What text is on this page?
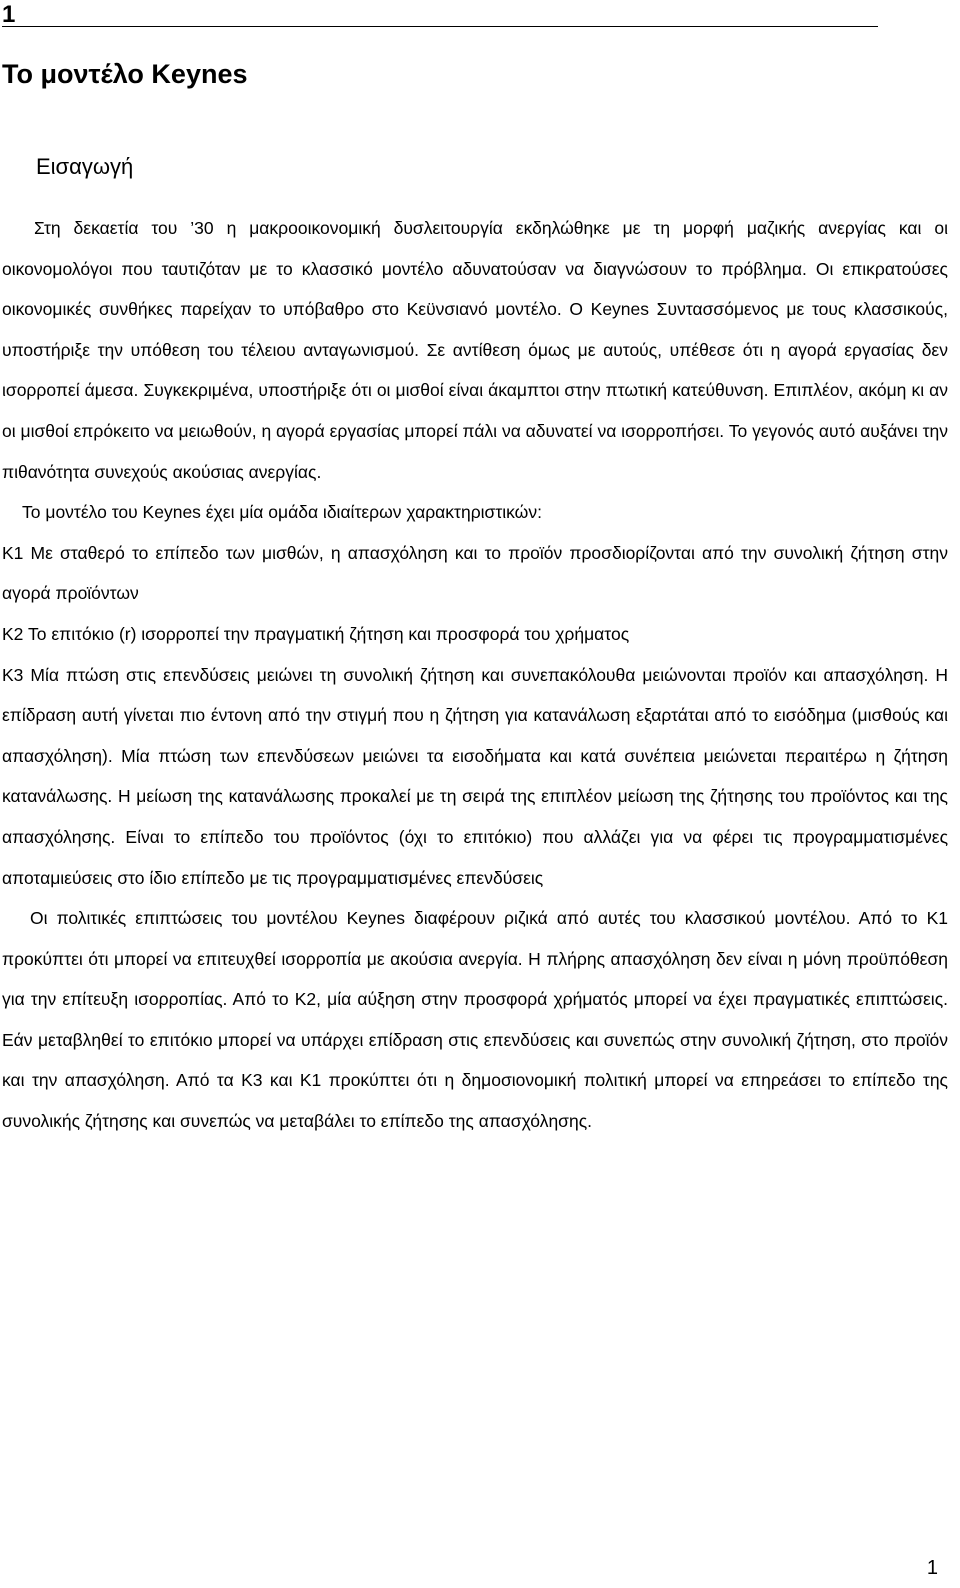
1
Το μοντέλο Keynes
Εισαγωγή

Στη δεκαετία του ’30 η μακροοικονομική δυσλειτουργία εκδηλώθηκε με τη μορφή μαζικής ανεργίας και οι οικονομολόγοι που ταυτιζόταν με το κλασσικό μοντέλο αδυνατούσαν να διαγνώσουν το πρόβλημα. Οι επικρατούσες οικονομικές συνθήκες παρείχαν το υπόβαθρο στο Κεϋνσιανό μοντέλο. Ο Keynes Συντασσόμενος με τους κλασσικούς, υποστήριξε την υπόθεση του τέλειου ανταγωνισμού. Σε αντίθεση όμως με αυτούς, υπέθεσε ότι η αγορά εργασίας δεν ισορροπεί άμεσα. Συγκεκριμένα, υποστήριξε ότι οι μισθοί είναι άκαμπτοι στην πτωτική κατεύθυνση. Επιπλέον, ακόμη κι αν οι μισθοί επρόκειτο να μειωθούν, η αγορά εργασίας μπορεί πάλι να αδυνατεί να ισορροπήσει. Το γεγονός αυτό αυξάνει την πιθανότητα συνεχούς ακούσιας ανεργίας.

Το μοντέλο του Keynes έχει μία ομάδα ιδιαίτερων χαρακτηριστικών:

Κ1 Με σταθερό το επίπεδο των μισθών, η απασχόληση και το προϊόν προσδιορίζονται από την συνολική ζήτηση στην αγορά προϊόντων

Κ2 Το επιτόκιο (r) ισορροπεί την πραγματική ζήτηση και προσφορά του χρήματος

Κ3 Μία πτώση στις επενδύσεις μειώνει τη συνολική ζήτηση και συνεπακόλουθα μειώνονται προϊόν και απασχόληση. Η επίδραση αυτή γίνεται πιο έντονη από την στιγμή που η ζήτηση για κατανάλωση εξαρτάται από το εισόδημα (μισθούς και απασχόληση). Μία πτώση των επενδύσεων μειώνει τα εισοδήματα και κατά συνέπεια μειώνεται περαιτέρω η ζήτηση κατανάλωσης. Η μείωση της κατανάλωσης προκαλεί με τη σειρά της επιπλέον μείωση της ζήτησης του προϊόντος και της απασχόλησης. Είναι το επίπεδο του προϊόντος (όχι το επιτόκιο) που αλλάζει για να φέρει τις προγραμματισμένες αποταμιεύσεις στο ίδιο επίπεδο με τις προγραμματισμένες επενδύσεις

Οι πολιτικές επιπτώσεις του μοντέλου Keynes διαφέρουν ριζικά από αυτές του κλασσικού μοντέλου. Από το Κ1 προκύπτει ότι μπορεί να επιτευχθεί ισορροπία με ακούσια ανεργία. Η πλήρης απασχόληση δεν είναι η μόνη προϋπόθεση για την επίτευξη ισορροπίας. Από το Κ2, μία αύξηση στην προσφορά χρήματός μπορεί να έχει πραγματικές επιπτώσεις. Εάν μεταβληθεί το επιτόκιο μπορεί να υπάρχει επίδραση στις επενδύσεις και συνεπώς στην συνολική ζήτηση, στο προϊόν και την απασχόληση. Από τα Κ3 και Κ1 προκύπτει ότι η δημοσιονομική πολιτική μπορεί να επηρεάσει το επίπεδο της συνολικής ζήτησης και συνεπώς να μεταβάλει το επίπεδο της απασχόλησης.

1
